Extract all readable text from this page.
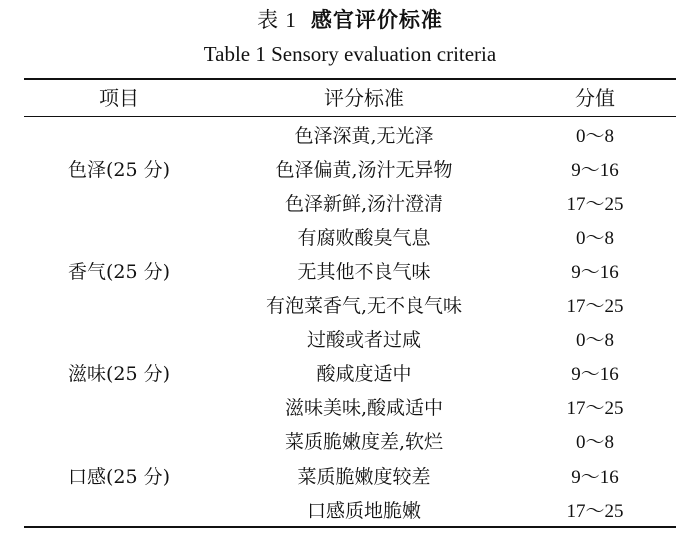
表 1 感官评价标准
Table 1 Sensory evaluation criteria
项目	评分标准	分值
色泽(25 分)
色泽深黄,无光泽	0～8
色泽偏黄,汤汁无异物	9～16
色泽新鲜,汤汁澄清	17～25
香气(25 分)
有腐败酸臭气息	0～8
无其他不良气味	9～16
有泡菜香气,无不良气味	17～25
滋味(25 分)
过酸或者过咸	0～8
酸咸度适中	9～16
滋味美味,酸咸适中	17～25
口感(25 分)
菜质脆嫩度差,软烂	0～8
菜质脆嫩度较差	9～16
口感质地脆嫩	17～25
